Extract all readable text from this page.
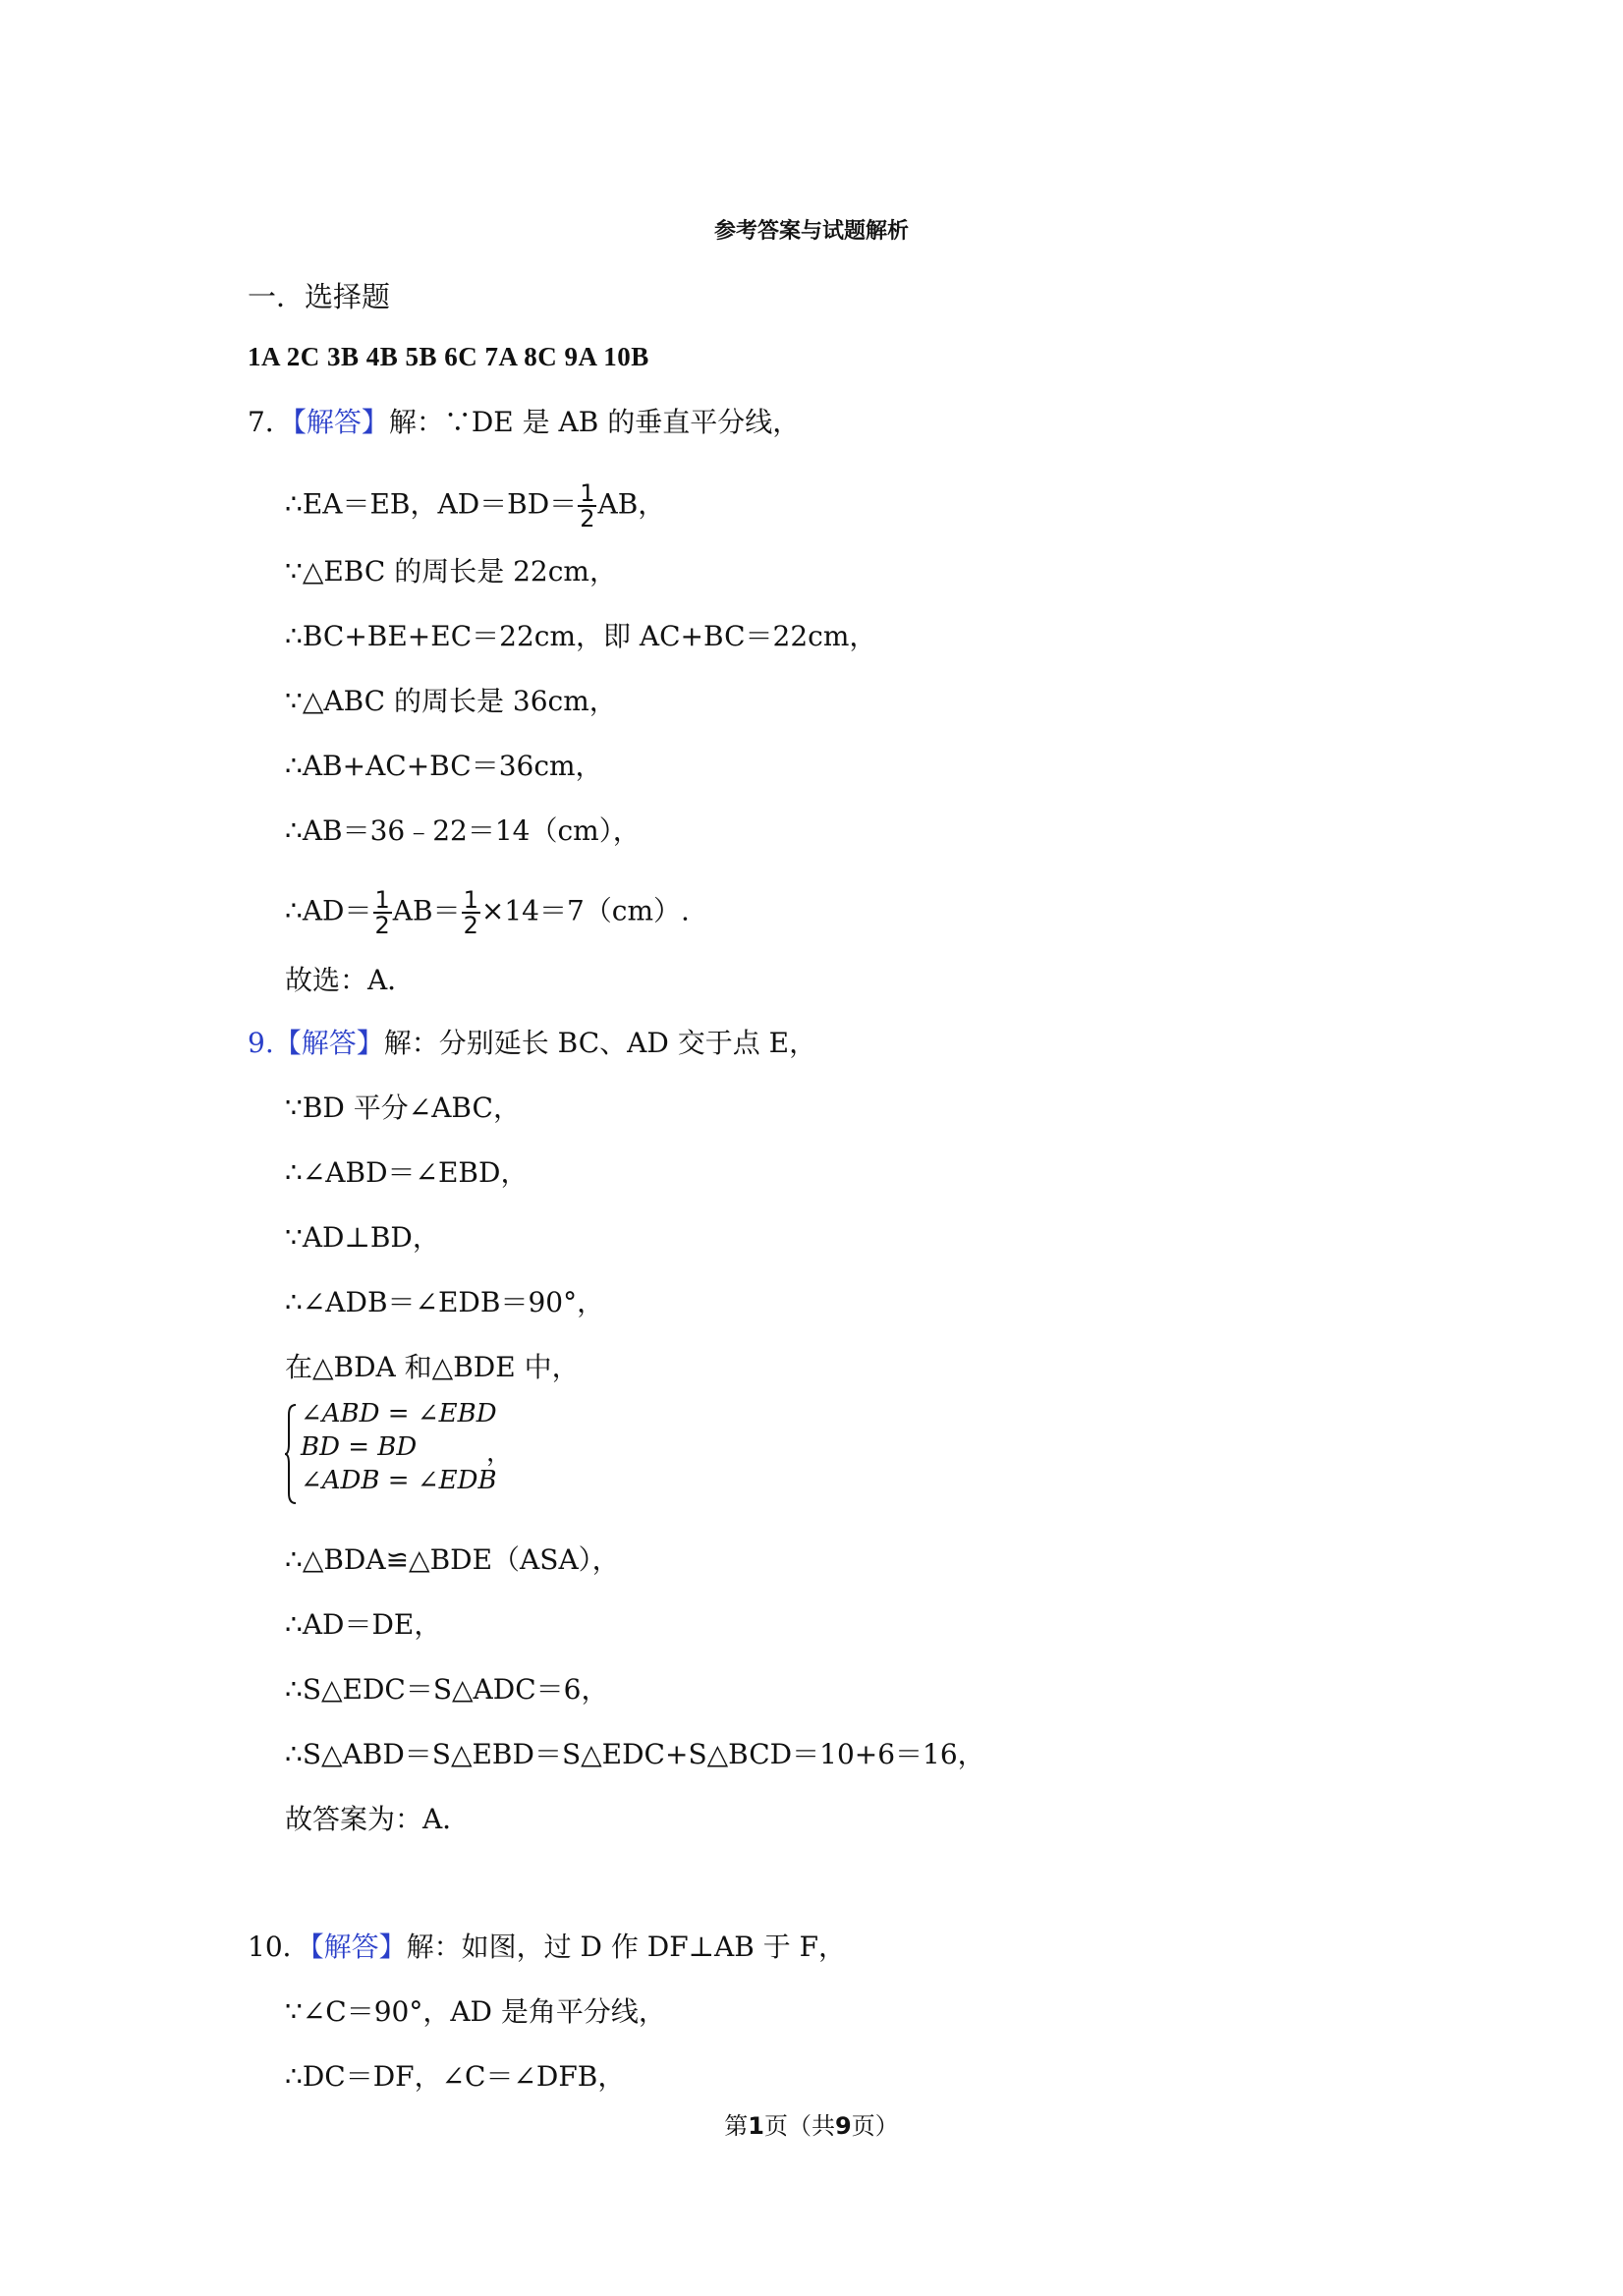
参考答案与试题解析
一．选择题
1A 2C 3B 4B 5B 6C 7A 8C 9A 10B
7．【解答】解：∵DE 是 AB 的垂直平分线，
∴EA＝EB，$AD=BD= \frac{1}{2}$ AB，
∵△EBC 的周长是 22cm，
∴BC+BE+EC＝22cm，即 AC+BC＝22cm，
∵△ABC 的周长是 36cm，
∴AB+AC+BC＝36cm，
∴AB＝36﹣22＝14（cm），
∴AD＝ $\frac{1}{2} AB= \frac{1}{2} \times 14=7(cm)$.
故选：A．
9.【解答】解：分别延长 BC、AD 交于点 E，
∵BD 平分∠ABC，
∴∠ABD＝∠EBD，
∵AD⊥BD，
∴∠ADB＝∠EDB＝90°，
在△BDA 和△BDE 中，
∠ABD = ∠EBD
BD = BD
∠ADB = ∠EDB
，
∴△BDA≌△BDE（ASA），
∴AD＝DE，
∴S△EDC＝S△ADC＝6，
∴S△ABD＝S△EBD＝S△EDC+S△BCD＝10+6＝16，
故答案为：A．
10．【解答】解：如图，过 D 作 DF⊥AB 于 F，
∵∠C＝90°，AD 是角平分线，
∴DC＝DF，∠C＝∠DFB，
第1页（共9页）
